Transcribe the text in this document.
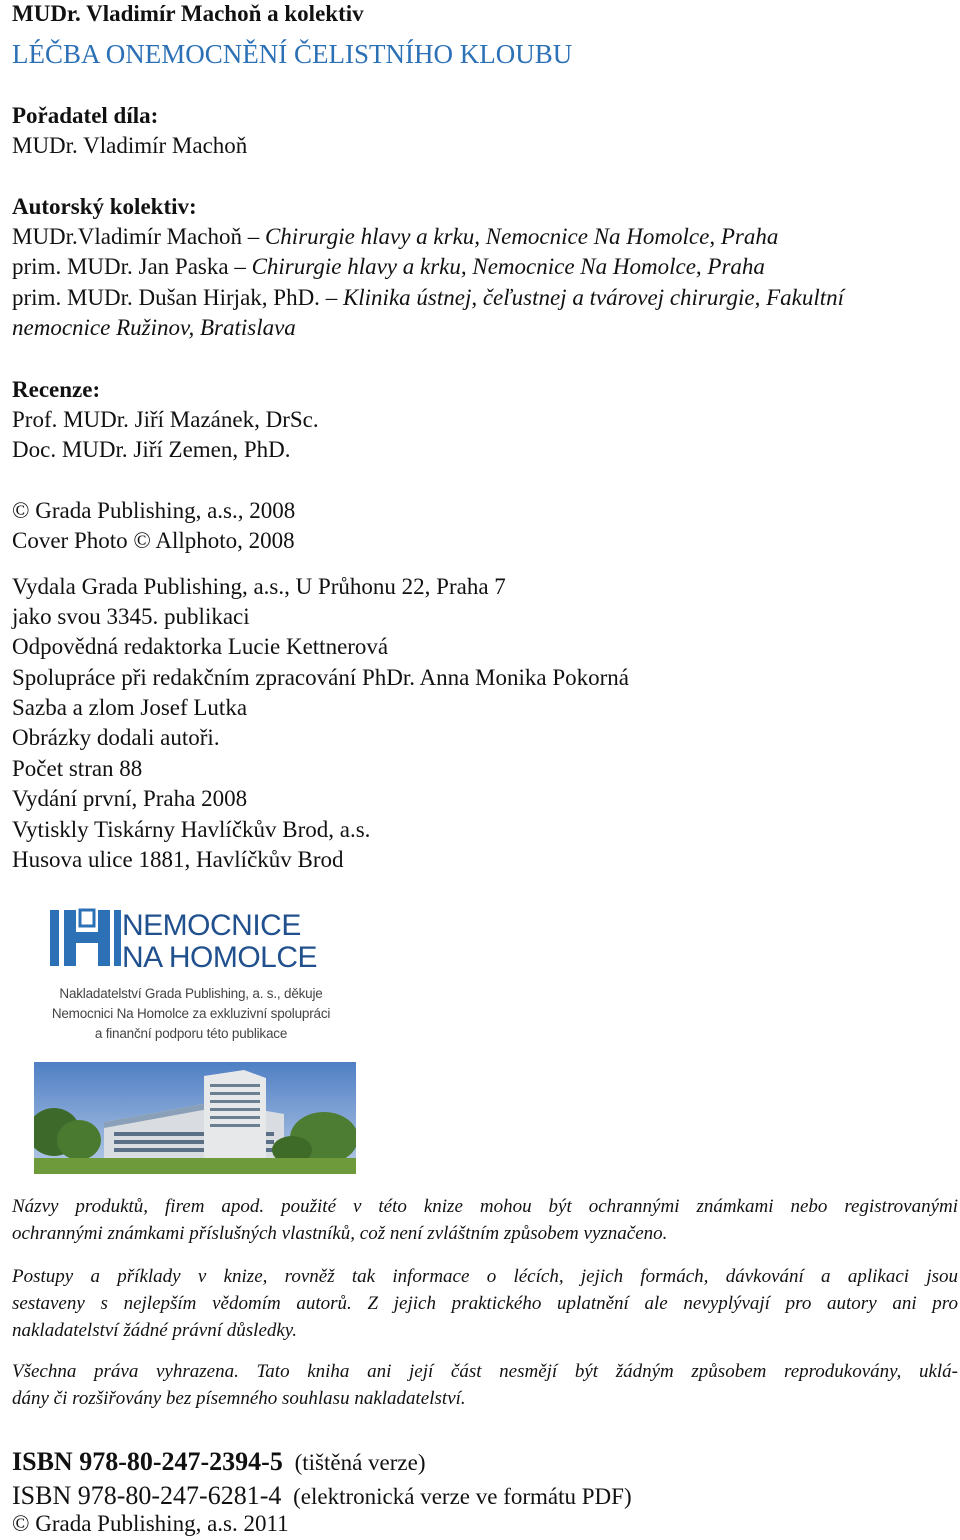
MUDr. Vladimír Machoň a kolektiv
LÉČBA ONEMOCNĚNÍ ČELISTNÍHO KLOUBU
Pořadatel díla:
MUDr. Vladimír Machoň
Autorský kolektiv:
MUDr.Vladimír Machoň – Chirurgie hlavy a krku, Nemocnice Na Homolce, Praha
prim. MUDr. Jan Paska – Chirurgie hlavy a krku, Nemocnice Na Homolce, Praha
prim. MUDr. Dušan Hirjak, PhD. – Klinika ústnej, čeľustnej a tvárovej chirurgie, Fakultní
nemocnice Ružinov, Bratislava
Recenze:
Prof. MUDr. Jiří Mazánek, DrSc.
Doc. MUDr. Jiří Zemen, PhD.
© Grada Publishing, a.s., 2008
Cover Photo © Allphoto, 2008
Vydala Grada Publishing, a.s., U Průhonu 22, Praha 7
jako svou 3345. publikaci
Odpovědná redaktorka Lucie Kettnerová
Spolupráce při redakčním zpracování PhDr. Anna Monika Pokorná
Sazba a zlom Josef Lutka
Obrázky dodali autoři.
Počet stran 88
Vydání první, Praha 2008
Vytiskly Tiskárny Havlíčkův Brod, a.s.
Husova ulice 1881, Havlíčkův Brod
NEMOCNICE
NA HOMOLCE
Nakladatelství Grada Publishing, a. s., děkuje
Nemocnici Na Homolce za exkluzivní spolupráci
a finanční podporu této publikace
Názvy produktů, firem apod. použité v této knize mohou být ochrannými známkami nebo registrovanými
ochrannými známkami příslušných vlastníků, což není zvláštním způsobem vyznačeno.
Postupy a příklady v knize, rovněž tak informace o lécích, jejich formách, dávkování a aplikaci jsou
sestaveny s nejlepším vědomím autorů. Z jejich praktického uplatnění ale nevyplývají pro autory ani pro
nakladatelství žádné právní důsledky.
Všechna práva vyhrazena. Tato kniha ani její část nesmějí být žádným způsobem reprodukovány, uklá-
dány či rozšiřovány bez písemného souhlasu nakladatelství.
ISBN 978-80-247-2394-5 (tištěná verze)
ISBN 978-80-247-6281-4 (elektronická verze ve formátu PDF)
© Grada Publishing, a.s. 2011
